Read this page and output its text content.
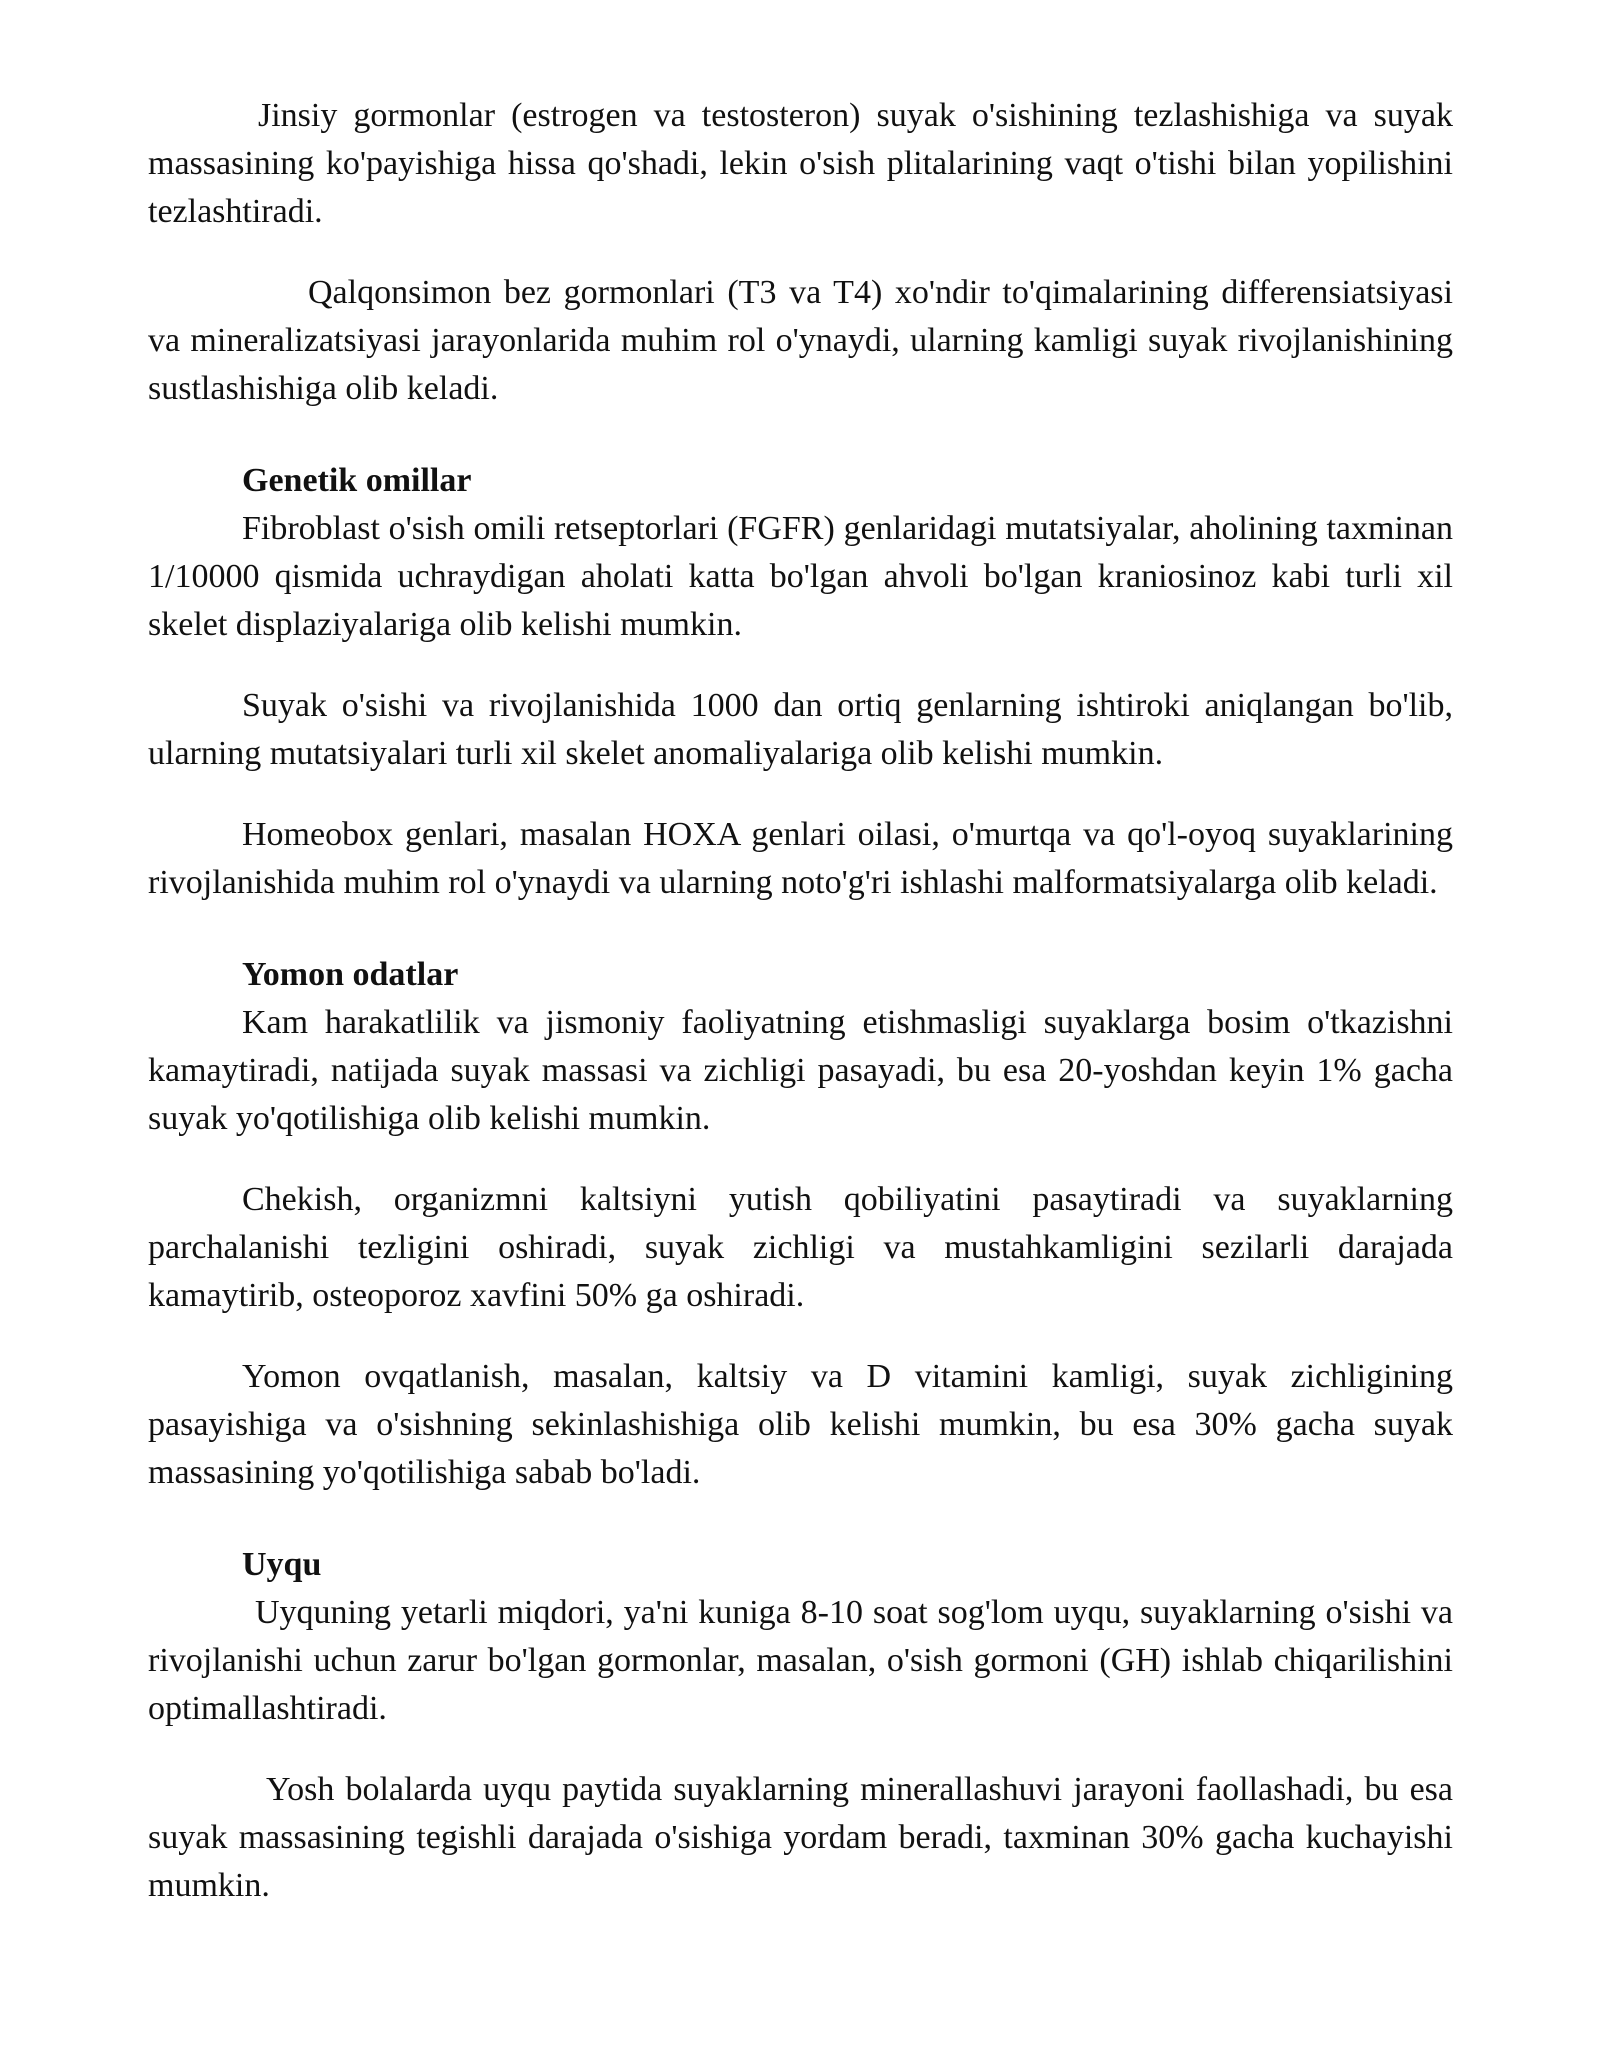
Jinsiy gormonlar (estrogen va testosteron) suyak o'sishining tezlashishiga va suyak massasining ko'payishiga hissa qo'shadi, lekin o'sish plitalarining vaqt o'tishi bilan yopilishini tezlashtiradi.

Qalqonsimon bez gormonlari (T3 va T4) xo'ndir to'qimalarining differensiatsiyasi va mineralizatsiyasi jarayonlarida muhim rol o'ynaydi, ularning kamligi suyak rivojlanishining sustlashishiga olib keladi.

Genetik omillar

Fibroblast o'sish omili retseptorlari (FGFR) genlaridagi mutatsiyalar, aholining taxminan 1/10000 qismida uchraydigan aholati katta bo'lgan ahvoli bo'lgan kraniosinoz kabi turli xil skelet displaziyalariga olib kelishi mumkin.

Suyak o'sishi va rivojlanishida 1000 dan ortiq genlarning ishtiroki aniqlangan bo'lib, ularning mutatsiyalari turli xil skelet anomaliyalariga olib kelishi mumkin.

Homeobox genlari, masalan HOXA genlari oilasi, o'murtqa va qo'l-oyoq suyaklarining rivojlanishida muhim rol o'ynaydi va ularning noto'g'ri ishlashi malformatsiyalarga olib keladi.

Yomon odatlar

Kam harakatlilik va jismoniy faoliyatning etishmasligi suyaklarga bosim o'tkazishni kamaytiradi, natijada suyak massasi va zichligi pasayadi, bu esa 20-yoshdan keyin 1% gacha suyak yo'qotilishiga olib kelishi mumkin.

Chekish, organizmni kaltsiyni yutish qobiliyatini pasaytiradi va suyaklarning parchalanishi tezligini oshiradi, suyak zichligi va mustahkamligini sezilarli darajada kamaytirib, osteoporoz xavfini 50% ga oshiradi.

Yomon ovqatlanish, masalan, kaltsiy va D vitamini kamligi, suyak zichligining pasayishiga va o'sishning sekinlashishiga olib kelishi mumkin, bu esa 30% gacha suyak massasining yo'qotilishiga sabab bo'ladi.

Uyqu

Uyquning yetarli miqdori, ya'ni kuniga 8-10 soat sog'lom uyqu, suyaklarning o'sishi va rivojlanishi uchun zarur bo'lgan gormonlar, masalan, o'sish gormoni (GH) ishlab chiqarilishini optimallashtiradi.

Yosh bolalarda uyqu paytida suyaklarning minerallashuvi jarayoni faollashadi, bu esa suyak massasining tegishli darajada o'sishiga yordam beradi, taxminan 30% gacha kuchayishi mumkin.
